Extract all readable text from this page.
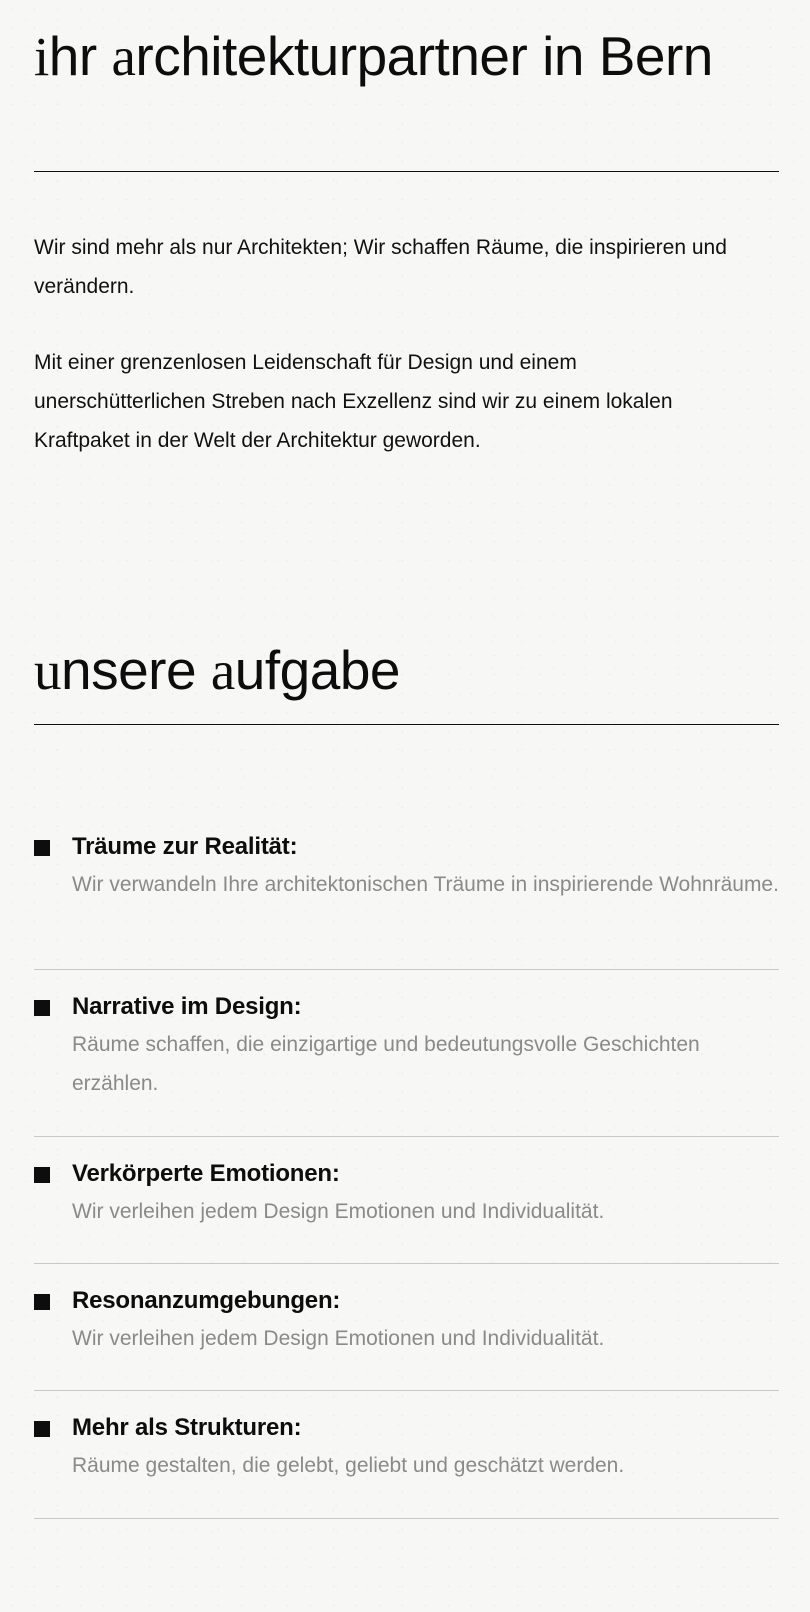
ihr architekturpartner in Bern

Wir sind mehr als nur Architekten; Wir schaffen Räume, die inspirieren und verändern.

Mit einer grenzenlosen Leidenschaft für Design und einem unerschütterlichen Streben nach Exzellenz sind wir zu einem lokalen Kraftpaket in der Welt der Architektur geworden.

unsere aufgabe
Träume zur Realität:
Wir verwandeln Ihre architektonischen Träume in inspirierende Wohnräume.
Narrative im Design:
Räume schaffen, die einzigartige und bedeutungsvolle Geschichten erzählen.
Verkörperte Emotionen:
Wir verleihen jedem Design Emotionen und Individualität.
Resonanzumgebungen:
Wir verleihen jedem Design Emotionen und Individualität.
Mehr als Strukturen:
Räume gestalten, die gelebt, geliebt und geschätzt werden.
